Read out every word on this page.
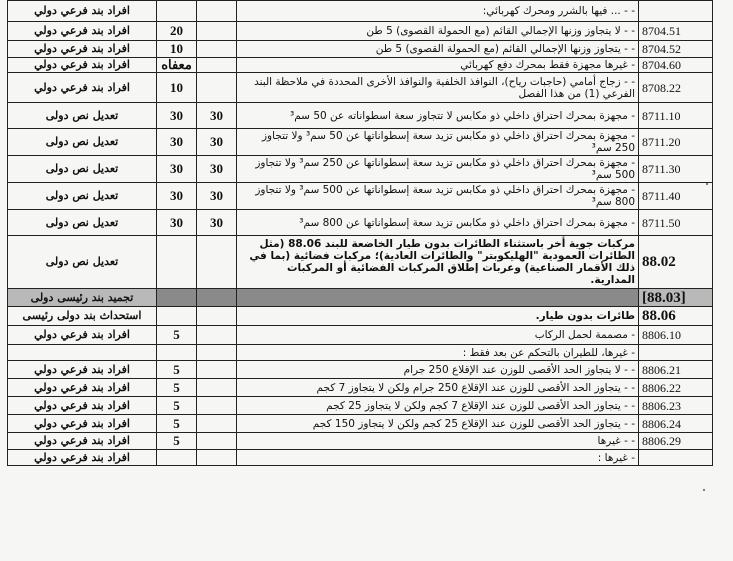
	- - ... فيها بالشرر ومحرك كهربائي:			افراد بند فرعي دولي
8704.51	- - لا يتجاوز وزنها الإجمالي القائم (مع الحمولة القصوى) 5 طن		20	افراد بند فرعي دولي
8704.52	- - يتجاوز وزنها الإجمالي القائم (مع الحمولة القصوى) 5 طن		10	افراد بند فرعي دولي
8704.60	- غيرها مجهزة فقط بمحرك دفع كهربائي		معفاه	افراد بند فرعي دولي
8708.22	- - زجاج أمامي (حاجبات رياح)، النوافذ الخلفية والنوافذ الأخرى المحددة في ملاحظة البند الفرعي (1) من هذا الفصل		10	افراد بند فرعي دولي
8711.10	- مجهزة بمحرك احتراق داخلي ذو مكابس لا تتجاوز سعة اسطواناته عن 50 سم³	30	30	تعديل نص دولى
8711.20	- مجهزة بمحرك احتراق داخلي ذو مكابس تزيد سعة إسطواناتها عن 50 سم³ ولا تتجاوز 250 سم³	30	30	تعديل نص دولى
8711.30	- مجهزة بمحرك احتراق داخلي ذو مكابس تزيد سعة إسطواناتها عن 250 سم³ ولا تتجاوز 500 سم³	30	30	تعديل نص دولى
8711.40	- مجهزة بمحرك احتراق داخلي ذو مكابس تزيد سعة إسطواناتها عن 500 سم³ ولا تتجاوز 800 سم³	30	30	تعديل نص دولى
8711.50	- مجهزة بمحرك احتراق داخلي ذو مكابس تزيد سعة إسطواناتها عن 800 سم³	30	30	تعديل نص دولى
88.02	مركبات جوية أخر باستثناء الطائرات بدون طيار الخاضعة للبند 88.06 (مثل الطائرات العمودية "الهليكوبتر" والطائرات العادية)؛ مركبات فضائية (بما في ذلك الأقمار الصناعية) وعربات إطلاق المركبات الفضائية أو المركبات المدارية.			تعديل نص دولى
[88.03]				تجميد بند رئيسى دولى
88.06	طائرات بدون طيار.			استحداث بند دولى رئيسى
8806.10	- مصممة لحمل الركاب		5	افراد بند فرعي دولي
	- غيرها، للطيران بالتحكم عن بعد فقط :			
8806.21	- - لا يتجاوز الحد الأقصى للوزن عند الإقلاع 250 جرام		5	افراد بند فرعي دولي
8806.22	- - يتجاوز الحد الأقصى للوزن عند الإقلاع 250 جرام ولكن لا يتجاوز 7 كجم		5	افراد بند فرعي دولي
8806.23	- - يتجاوز الحد الأقصى للوزن عند الإقلاع 7 كجم ولكن لا يتجاوز 25 كجم		5	افراد بند فرعي دولي
8806.24	- - يتجاوز الحد الأقصى للوزن عند الإقلاع 25 كجم ولكن لا يتجاوز 150 كجم		5	افراد بند فرعي دولي
8806.29	- - غيرها		5	افراد بند فرعي دولي
	- غيرها :			افراد بند فرعي دولي
